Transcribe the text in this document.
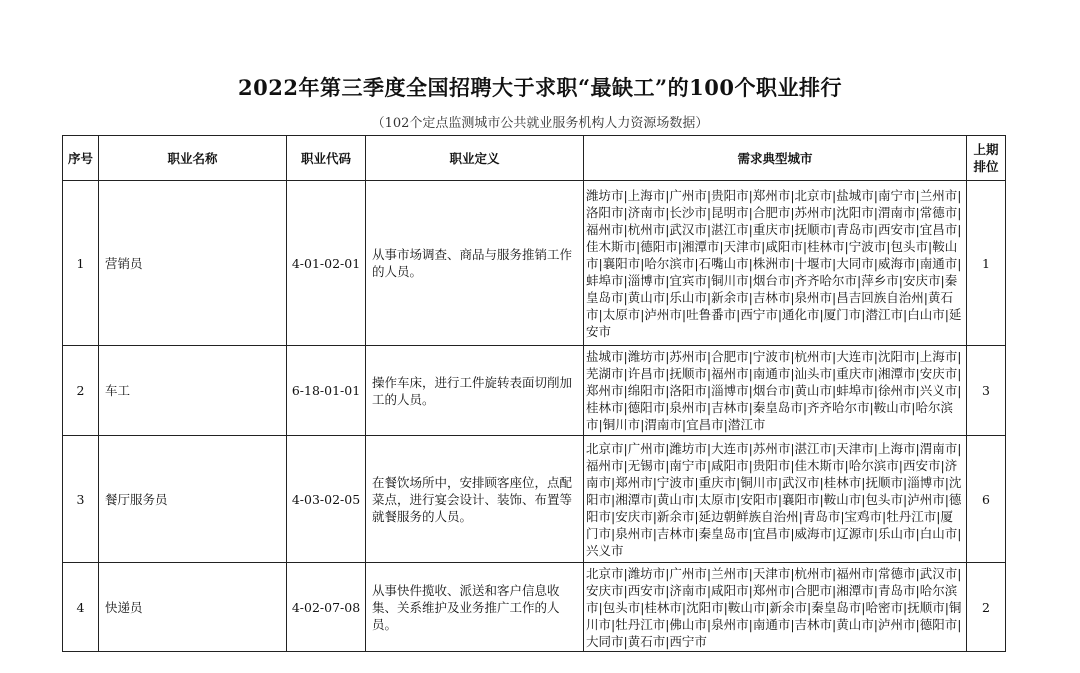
2022年第三季度全国招聘大于求职“最缺工”的100个职业排行
（102个定点监测城市公共就业服务机构人力资源场数据）
序号	职业名称	职业代码	职业定义	需求典型城市	上期排位
1	营销员	4-01-02-01	从事市场调查、商品与服务推销工作的人员。	潍坊市|上海市|广州市|贵阳市|郑州市|北京市|盐城市|南宁市|兰州市|洛阳市|济南市|长沙市|昆明市|合肥市|苏州市|沈阳市|渭南市|常德市|福州市|杭州市|武汉市|湛江市|重庆市|抚顺市|青岛市|西安市|宜昌市|佳木斯市|德阳市|湘潭市|天津市|咸阳市|桂林市|宁波市|包头市|鞍山市|襄阳市|哈尔滨市|石嘴山市|株洲市|十堰市|大同市|威海市|南通市|蚌埠市|淄博市|宜宾市|铜川市|烟台市|齐齐哈尔市|萍乡市|安庆市|秦皇岛市|黄山市|乐山市|新余市|吉林市|泉州市|昌吉回族自治州|黄石市|太原市|泸州市|吐鲁番市|西宁市|通化市|厦门市|潜江市|白山市|延安市	1
2	车工	6-18-01-01	操作车床，进行工件旋转表面切削加工的人员。	盐城市|潍坊市|苏州市|合肥市|宁波市|杭州市|大连市|沈阳市|上海市|芜湖市|许昌市|抚顺市|福州市|南通市|汕头市|重庆市|湘潭市|安庆市|郑州市|绵阳市|洛阳市|淄博市|烟台市|黄山市|蚌埠市|徐州市|兴义市|桂林市|德阳市|泉州市|吉林市|秦皇岛市|齐齐哈尔市|鞍山市|哈尔滨市|铜川市|渭南市|宜昌市|潜江市	3
3	餐厅服务员	4-03-02-05	在餐饮场所中，安排顾客座位，点配菜点，进行宴会设计、装饰、布置等就餐服务的人员。	北京市|广州市|潍坊市|大连市|苏州市|湛江市|天津市|上海市|渭南市|福州市|无锡市|南宁市|咸阳市|贵阳市|佳木斯市|哈尔滨市|西安市|济南市|郑州市|宁波市|重庆市|铜川市|武汉市|桂林市|抚顺市|淄博市|沈阳市|湘潭市|黄山市|太原市|安阳市|襄阳市|鞍山市|包头市|泸州市|德阳市|安庆市|新余市|延边朝鲜族自治州|青岛市|宝鸡市|牡丹江市|厦门市|泉州市|吉林市|秦皇岛市|宜昌市|威海市|辽源市|乐山市|白山市|兴义市	6
4	快递员	4-02-07-08	从事快件揽收、派送和客户信息收集、关系维护及业务推广工作的人员。	北京市|潍坊市|广州市|兰州市|天津市|杭州市|福州市|常德市|武汉市|安庆市|西安市|济南市|咸阳市|郑州市|合肥市|湘潭市|青岛市|哈尔滨市|包头市|桂林市|沈阳市|鞍山市|新余市|秦皇岛市|哈密市|抚顺市|铜川市|牡丹江市|佛山市|泉州市|南通市|吉林市|黄山市|泸州市|德阳市|大同市|黄石市|西宁市	2
